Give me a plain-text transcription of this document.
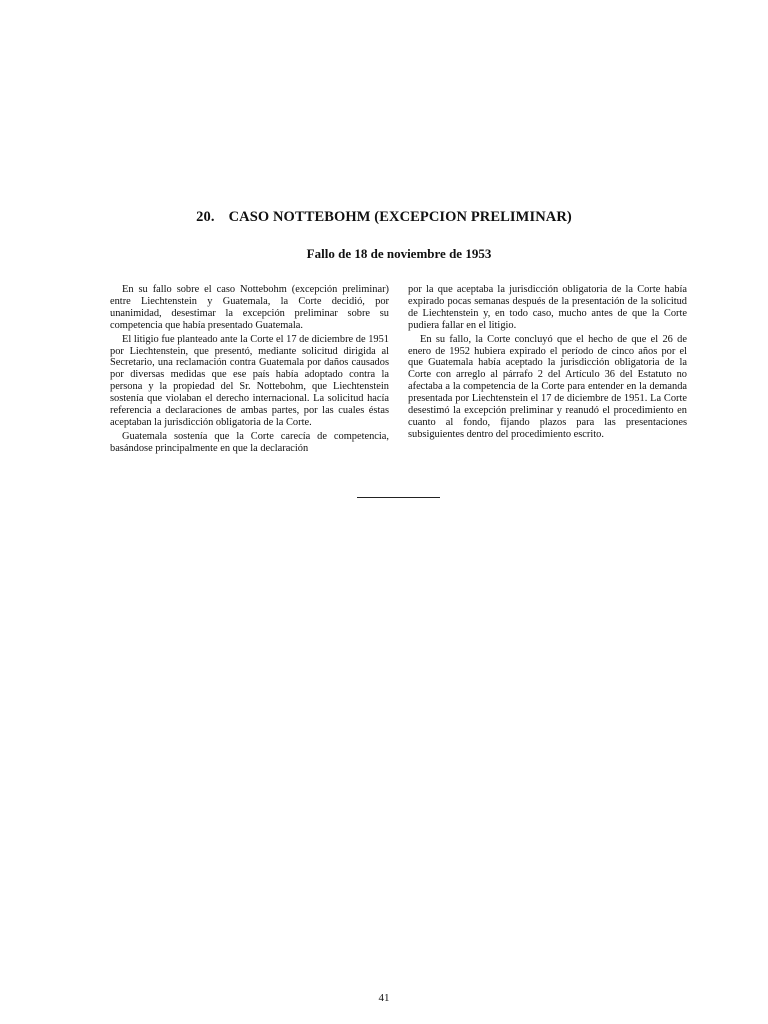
20. CASO NOTTEBOHM (EXCEPCION PRELIMINAR)
Fallo de 18 de noviembre de 1953

En su fallo sobre el caso Nottebohm (excepción preliminar) entre Liechtenstein y Guatemala, la Corte decidió, por unanimidad, desestimar la excepción preliminar sobre su competencia que había presentado Guatemala.

El litigio fue planteado ante la Corte el 17 de diciembre de 1951 por Liechtenstein, que presentó, mediante solicitud dirigida al Secretario, una reclamación contra Guatemala por daños causados por diversas medidas que ese país había adoptado contra la persona y la propiedad del Sr. Nottebohm, que Liechtenstein sostenía que violaban el derecho internacional. La solicitud hacía referencia a declaraciones de ambas partes, por las cuales éstas aceptaban la jurisdicción obligatoria de la Corte.

Guatemala sostenía que la Corte carecía de competencia, basándose principalmente en que la declaración

por la que aceptaba la jurisdicción obligatoria de la Corte había expirado pocas semanas después de la presentación de la solicitud de Liechtenstein y, en todo caso, mucho antes de que la Corte pudiera fallar en el litigio.

En su fallo, la Corte concluyó que el hecho de que el 26 de enero de 1952 hubiera expirado el período de cinco años por el que Guatemala había aceptado la jurisdicción obligatoria de la Corte con arreglo al párrafo 2 del Artículo 36 del Estatuto no afectaba a la competencia de la Corte para entender en la demanda presentada por Liechtenstein el 17 de diciembre de 1951. La Corte desestimó la excepción preliminar y reanudó el procedimiento en cuanto al fondo, fijando plazos para las presentaciones subsiguientes dentro del procedimiento escrito.

41
